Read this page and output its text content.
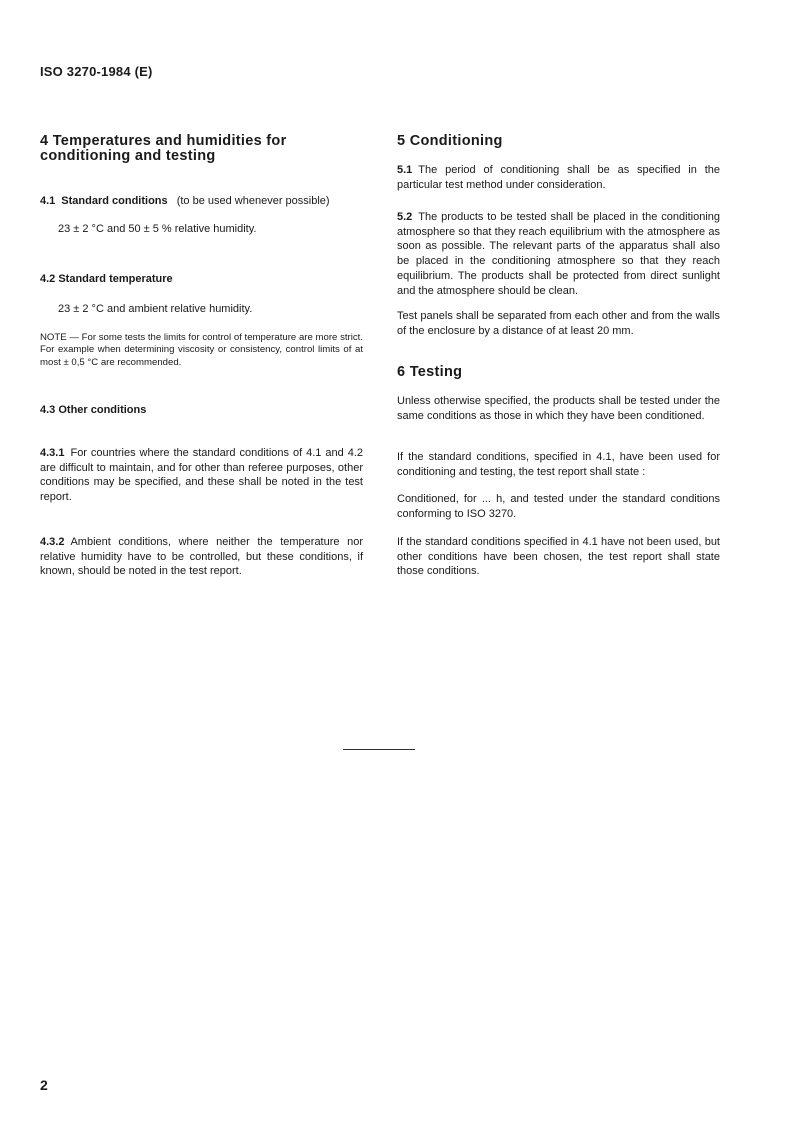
ISO 3270-1984 (E)
4 Temperatures and humidities for
conditioning and testing
4.1 Standard conditions (to be used whenever possible)
23 ± 2 °C and 50 ± 5 % relative humidity.
4.2 Standard temperature
23 ± 2 °C and ambient relative humidity.
NOTE — For some tests the limits for control of temperature are more strict. For example when determining viscosity or consistency, control limits of at most ± 0,5 °C are recommended.
4.3 Other conditions
4.3.1 For countries where the standard conditions of 4.1 and 4.2 are difficult to maintain, and for other than referee purposes, other conditions may be specified, and these shall be noted in the test report.
4.3.2 Ambient conditions, where neither the temperature nor relative humidity have to be controlled, but these conditions, if known, should be noted in the test report.
5 Conditioning
5.1 The period of conditioning shall be as specified in the particular test method under consideration.
5.2 The products to be tested shall be placed in the conditioning atmosphere so that they reach equilibrium with the atmosphere as soon as possible. The relevant parts of the apparatus shall also be placed in the conditioning atmosphere so that they reach equilibrium. The products shall be protected from direct sunlight and the atmosphere should be clean.
Test panels shall be separated from each other and from the walls of the enclosure by a distance of at least 20 mm.
6 Testing
Unless otherwise specified, the products shall be tested under the same conditions as those in which they have been conditioned.
If the standard conditions, specified in 4.1, have been used for conditioning and testing, the test report shall state :
Conditioned, for ... h, and tested under the standard conditions conforming to ISO 3270.
If the standard conditions specified in 4.1 have not been used, but other conditions have been chosen, the test report shall state those conditions.
2
